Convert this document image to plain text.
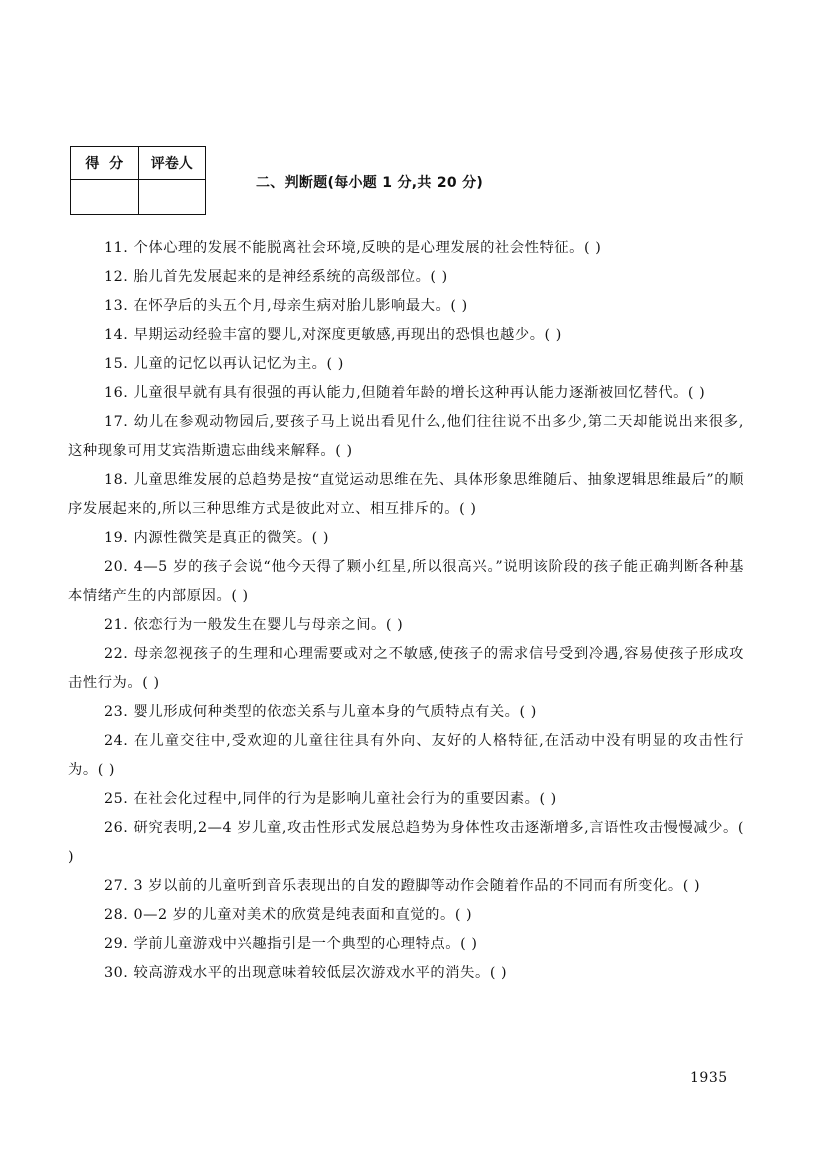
得  分	评卷人

二、判断题(每小题 1 分,共 20 分)
11. 个体心理的发展不能脱离社会环境,反映的是心理发展的社会性特征。( )
12. 胎儿首先发展起来的是神经系统的高级部位。( )
13. 在怀孕后的头五个月,母亲生病对胎儿影响最大。( )
14. 早期运动经验丰富的婴儿,对深度更敏感,再现出的恐惧也越少。( )
15. 儿童的记忆以再认记忆为主。( )
16. 儿童很早就有具有很强的再认能力,但随着年龄的增长这种再认能力逐渐被回忆替代。( )
17. 幼儿在参观动物园后,要孩子马上说出看见什么,他们往往说不出多少,第二天却能说出来很多,这种现象可用艾宾浩斯遗忘曲线来解释。( )
18. 儿童思维发展的总趋势是按“直觉运动思维在先、具体形象思维随后、抽象逻辑思维最后”的顺序发展起来的,所以三种思维方式是彼此对立、相互排斥的。( )
19. 内源性微笑是真正的微笑。( )
20. 4—5 岁的孩子会说“他今天得了颗小红星,所以很高兴。”说明该阶段的孩子能正确判断各种基本情绪产生的内部原因。( )
21. 依恋行为一般发生在婴儿与母亲之间。( )
22. 母亲忽视孩子的生理和心理需要或对之不敏感,使孩子的需求信号受到冷遇,容易使孩子形成攻击性行为。( )
23. 婴儿形成何种类型的依恋关系与儿童本身的气质特点有关。( )
24. 在儿童交往中,受欢迎的儿童往往具有外向、友好的人格特征,在活动中没有明显的攻击性行为。( )
25. 在社会化过程中,同伴的行为是影响儿童社会行为的重要因素。( )
26. 研究表明,2—4 岁儿童,攻击性形式发展总趋势为身体性攻击逐渐增多,言语性攻击慢慢减少。( )
27. 3 岁以前的儿童听到音乐表现出的自发的蹬脚等动作会随着作品的不同而有所变化。( )
28. 0—2 岁的儿童对美术的欣赏是纯表面和直觉的。( )
29. 学前儿童游戏中兴趣指引是一个典型的心理特点。( )
30. 较高游戏水平的出现意味着较低层次游戏水平的消失。( )
1935
